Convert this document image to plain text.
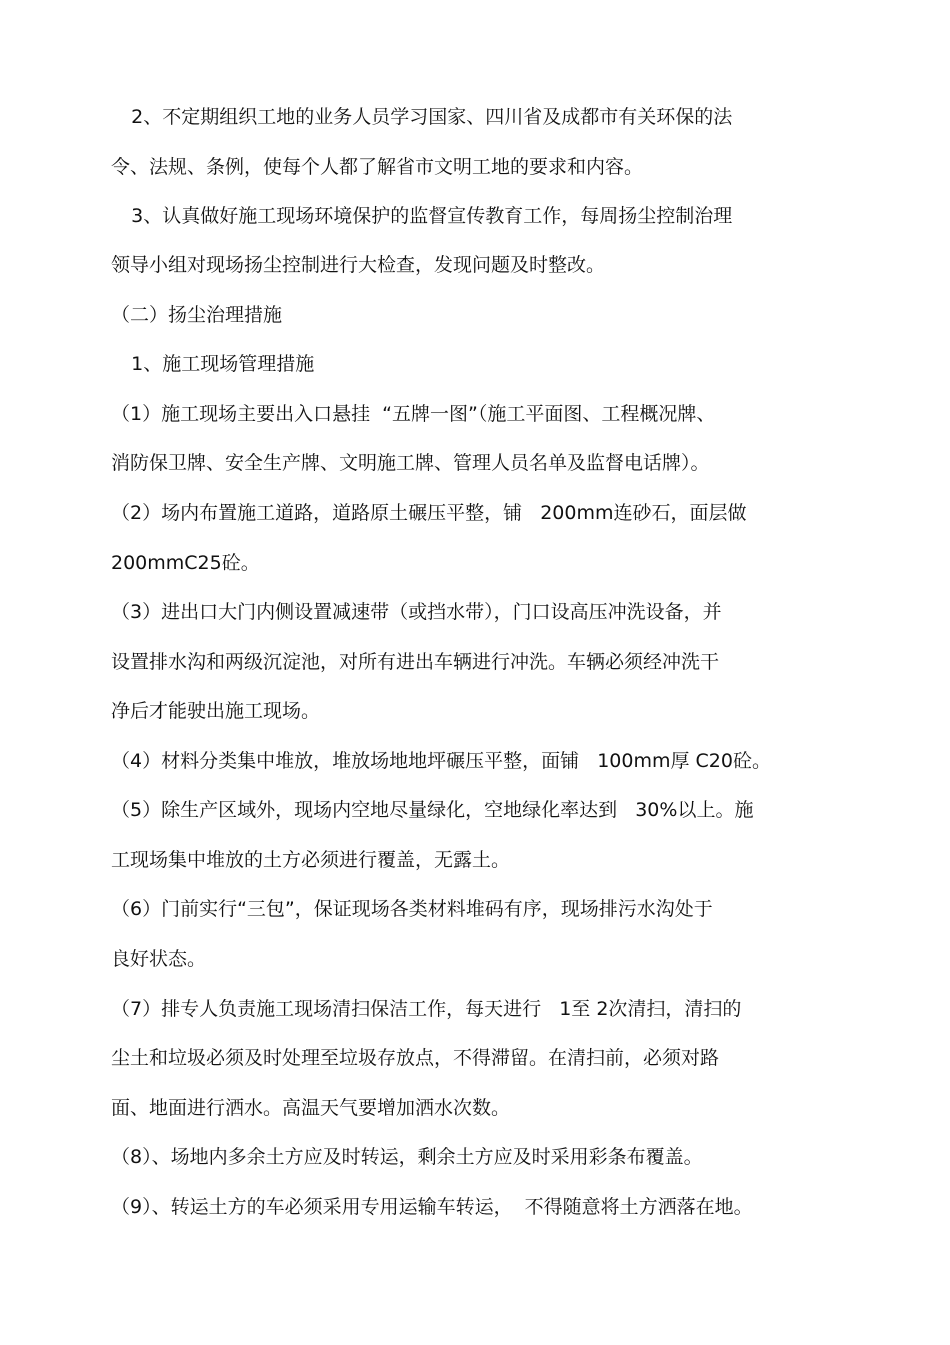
2、不定期组织工地的业务人员学习国家、四川省及成都市有关环保的法

令、法规、条例，使每个人都了解省市文明工地的要求和内容。

3、认真做好施工现场环境保护的监督宣传教育工作，每周扬尘控制治理

领导小组对现场扬尘控制进行大检查，发现问题及时整改。

（二）扬尘治理措施

1、施工现场管理措施

（1）施工现场主要出入口悬挂  “五牌一图”（施工平面图、工程概况牌、

消防保卫牌、安全生产牌、文明施工牌、管理人员名单及监督电话牌）。

（2）场内布置施工道路，道路原土碾压平整，铺   200mm连砂石，面层做

200mmC25砼。

（3）进出口大门内侧设置减速带（或挡水带），门口设高压冲洗设备，并

设置排水沟和两级沉淀池，对所有进出车辆进行冲洗。车辆必须经冲洗干

净后才能驶出施工现场。

（4）材料分类集中堆放，堆放场地地坪碾压平整，面铺   100mm厚 C20砼。

（5）除生产区域外，现场内空地尽量绿化，空地绿化率达到   30%以上。施

工现场集中堆放的土方必须进行覆盖，无露土。

（6）门前实行“三包”，保证现场各类材料堆码有序，现场排污水沟处于

良好状态。

（7）排专人负责施工现场清扫保洁工作，每天进行   1至 2次清扫，清扫的

尘土和垃圾必须及时处理至垃圾存放点，不得滞留。在清扫前，必须对路

面、地面进行洒水。高温天气要增加洒水次数。

（8）、场地内多余土方应及时转运，剩余土方应及时采用彩条布覆盖。

（9）、转运土方的车必须采用专用运输车转运，  不得随意将土方洒落在地。
